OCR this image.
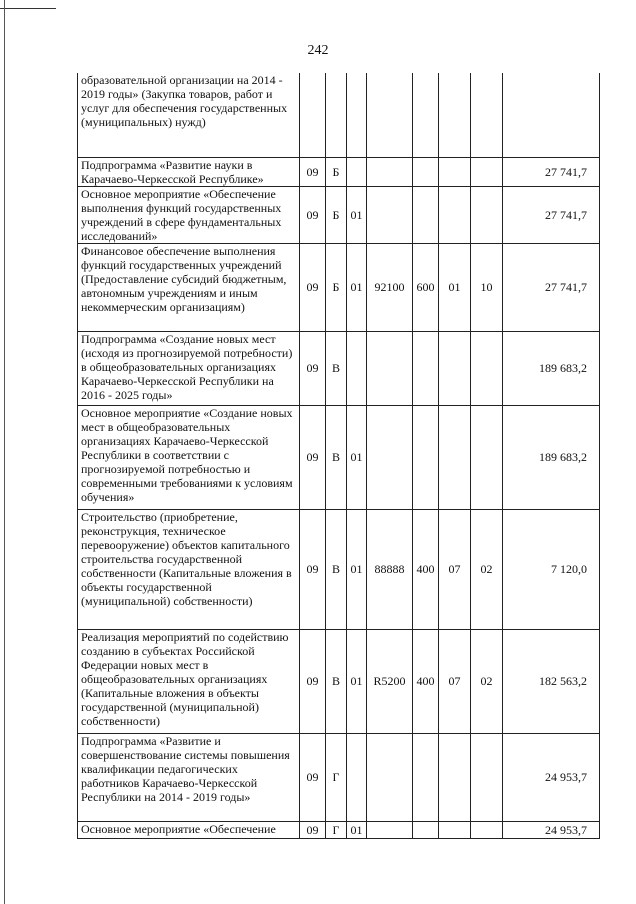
242
образовательной организации на 2014 - 2019 годы» (Закупка товаров, работ и услуг для обеспечения государственных (муниципальных) нужд)								
Подпрограмма «Развитие науки в Карачаево-Черкесской Республике»	09	Б						27 741,7
Основное мероприятие «Обеспечение выполнения функций государственных учреждений в сфере фундаментальных исследований»	09	Б	01					27 741,7
Финансовое обеспечение выполнения функций государственных учреждений (Предоставление субсидий бюджетным, автономным учреждениям и иным некоммерческим организациям)	09	Б	01	92100	600	01	10	27 741,7
Подпрограмма «Создание новых мест (исходя из прогнозируемой потребности) в общеобразовательных организациях Карачаево-Черкесской Республики на 2016 - 2025 годы»	09	В						189 683,2
Основное мероприятие «Создание новых мест в общеобразовательных организациях Карачаево-Черкесской Республики в соответствии с прогнозируемой потребностью и современными требованиями к условиям обучения»	09	В	01					189 683,2
Строительство (приобретение, реконструкция, техническое перевооружение) объектов капитального строительства государственной собственности (Капитальные вложения в объекты государственной (муниципальной) собственности)	09	В	01	88888	400	07	02	7 120,0
Реализация мероприятий по содействию созданию в субъектах Российской Федерации новых мест в общеобразовательных организациях (Капитальные вложения в объекты государственной (муниципальной) собственности)	09	В	01	R5200	400	07	02	182 563,2
Подпрограмма «Развитие и совершенствование системы повышения квалификации педагогических работников Карачаево-Черкесской Республики на 2014 - 2019 годы»	09	Г						24 953,7
Основное мероприятие «Обеспечение	09	Г	01					24 953,7
